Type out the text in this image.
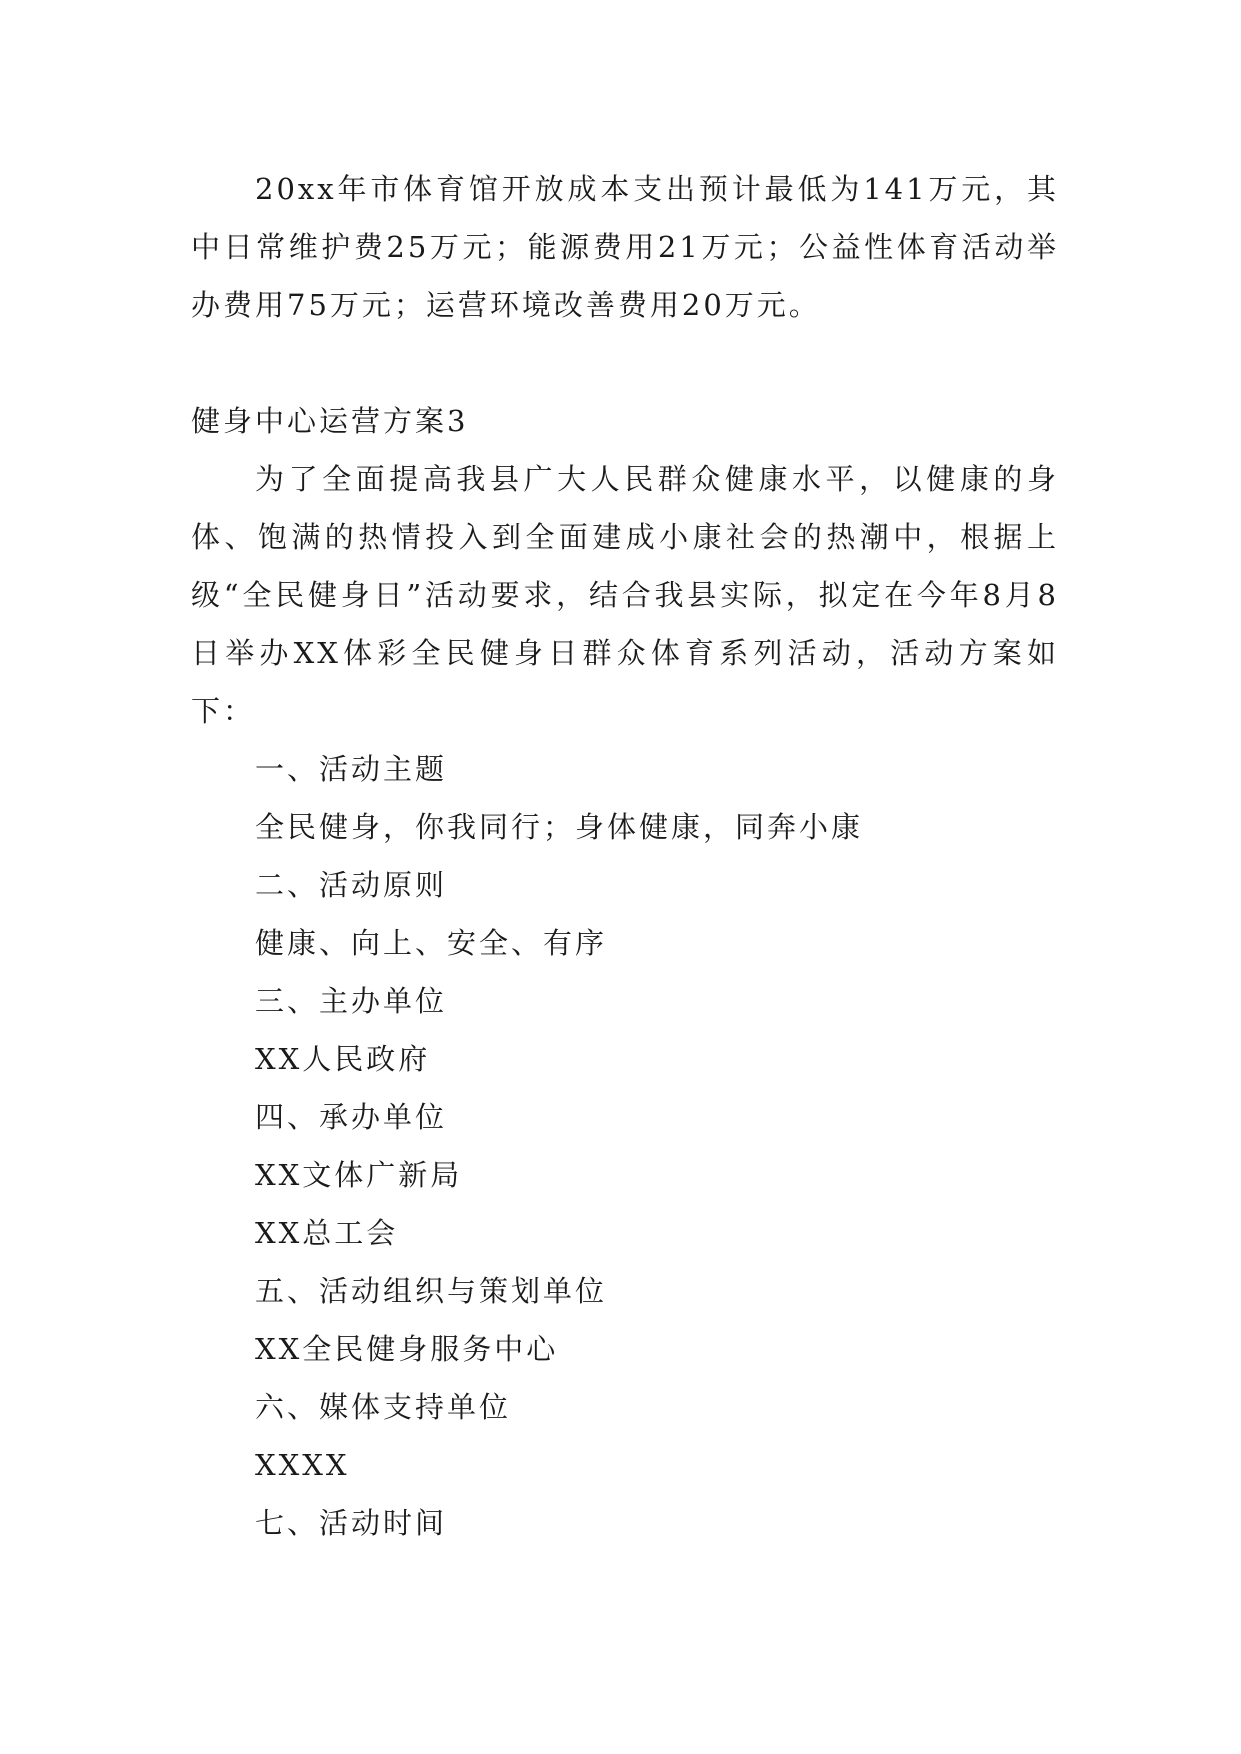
20xx年市体育馆开放成本支出预计最低为141万元，其中日常维护费25万元；能源费用21万元；公益性体育活动举办费用75万元；运营环境改善费用20万元。

健身中心运营方案3

为了全面提高我县广大人民群众健康水平，以健康的身体、饱满的热情投入到全面建成小康社会的热潮中，根据上级“全民健身日”活动要求，结合我县实际，拟定在今年8月8日举办XX体彩全民健身日群众体育系列活动，活动方案如下：

一、活动主题

全民健身，你我同行；身体健康，同奔小康

二、活动原则

健康、向上、安全、有序

三、主办单位

XX人民政府

四、承办单位

XX文体广新局

XX总工会

五、活动组织与策划单位

XX全民健身服务中心

六、媒体支持单位

XXXX

七、活动时间
